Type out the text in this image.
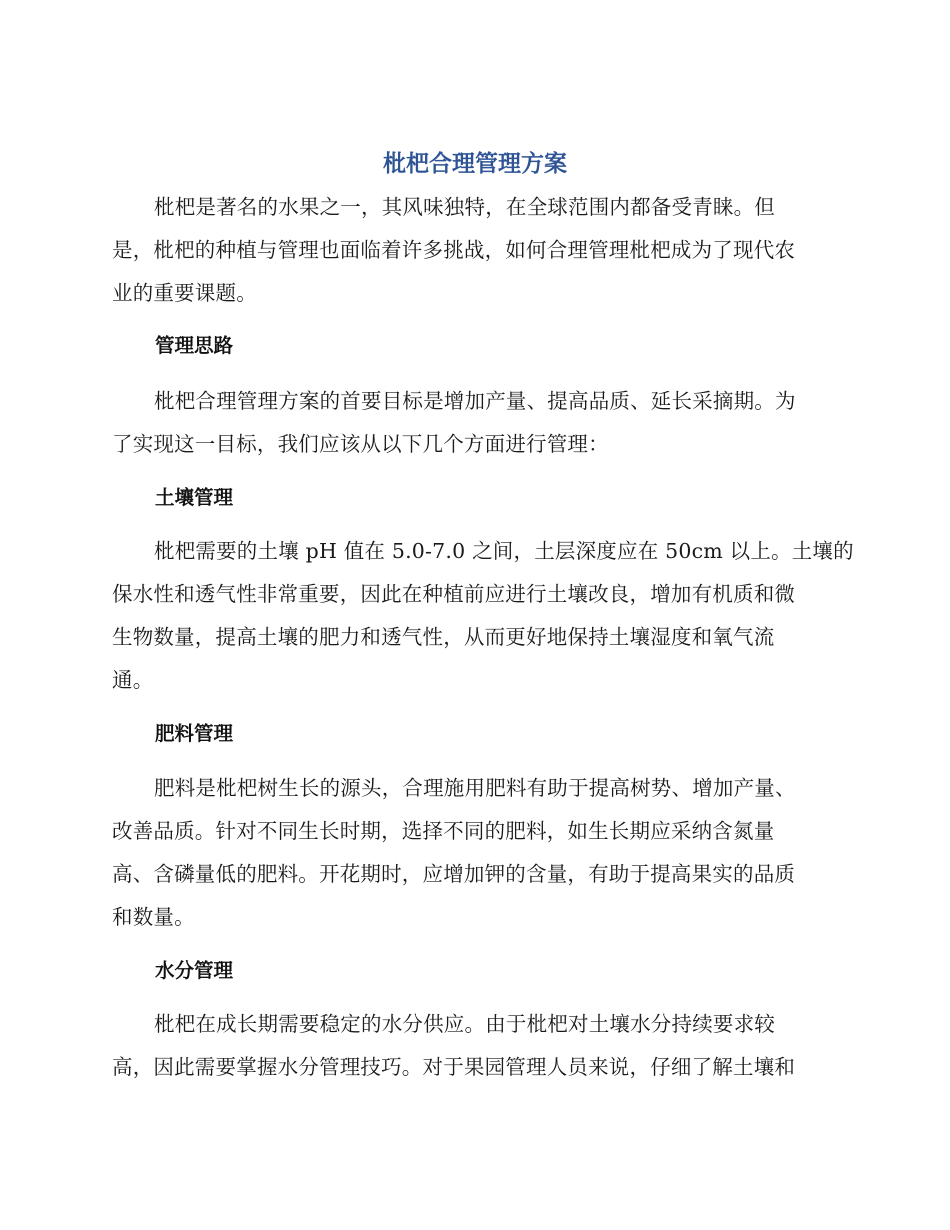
枇杷合理管理方案

枇杷是著名的水果之一，其风味独特，在全球范围内都备受青睐。但
是，枇杷的种植与管理也面临着许多挑战，如何合理管理枇杷成为了现代农
业的重要课题。

管理思路

枇杷合理管理方案的首要目标是增加产量、提高品质、延长采摘期。为
了实现这一目标，我们应该从以下几个方面进行管理：

土壤管理

枇杷需要的土壤 pH 值在 5.0-7.0 之间，土层深度应在 50cm 以上。土壤的
保水性和透气性非常重要，因此在种植前应进行土壤改良，增加有机质和微
生物数量，提高土壤的肥力和透气性，从而更好地保持土壤湿度和氧气流
通。

肥料管理

肥料是枇杷树生长的源头，合理施用肥料有助于提高树势、增加产量、
改善品质。针对不同生长时期，选择不同的肥料，如生长期应采纳含氮量
高、含磷量低的肥料。开花期时，应增加钾的含量，有助于提高果实的品质
和数量。

水分管理

枇杷在成长期需要稳定的水分供应。由于枇杷对土壤水分持续要求较
高，因此需要掌握水分管理技巧。对于果园管理人员来说，仔细了解土壤和
